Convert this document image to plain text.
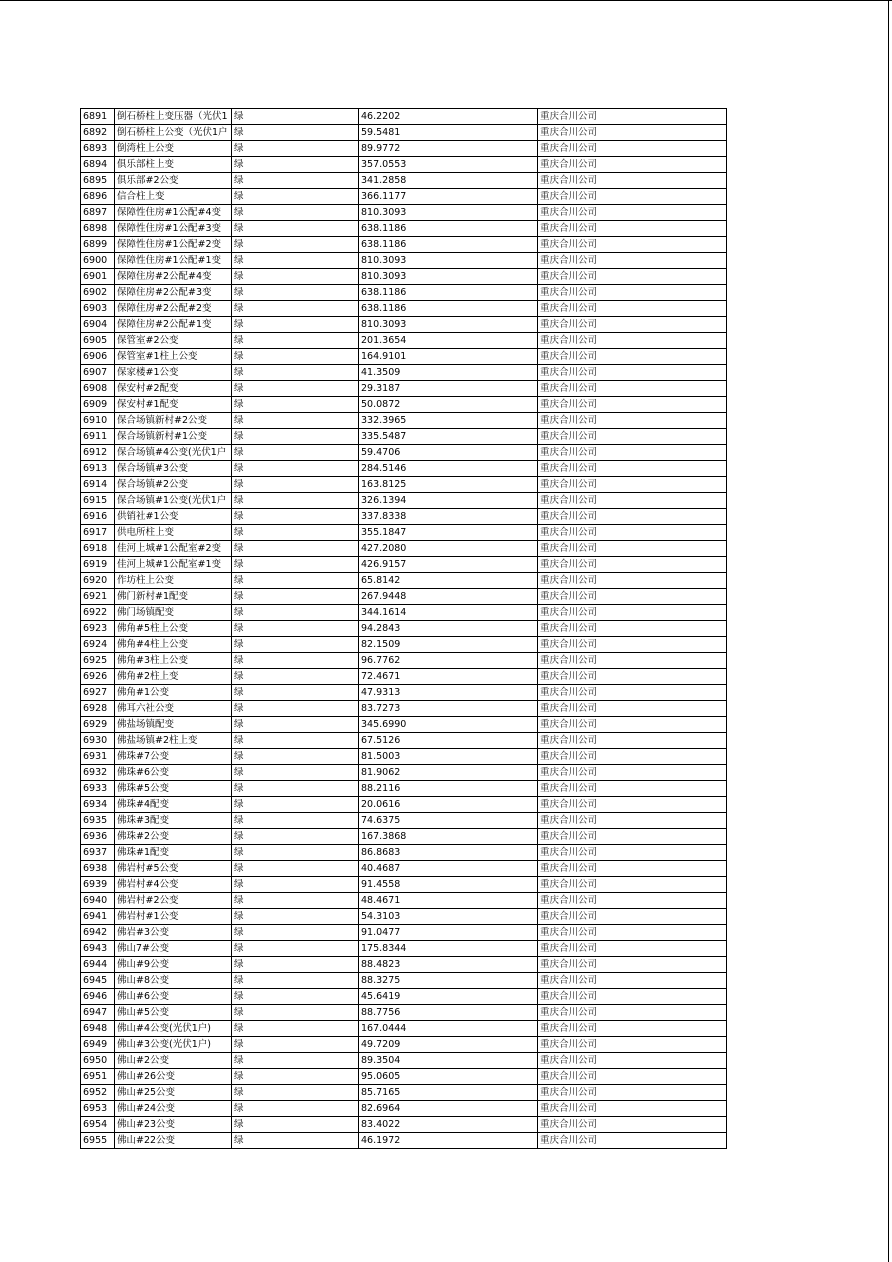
6891	倒石桥柱上变压器（光伏1	绿	46.2202	重庆合川公司
6892	倒石桥柱上公变（光伏1户	绿	59.5481	重庆合川公司
6893	倒湾柱上公变	绿	89.9772	重庆合川公司
6894	俱乐部柱上变	绿	357.0553	重庆合川公司
6895	俱乐部#2公变	绿	341.2858	重庆合川公司
6896	信合柱上变	绿	366.1177	重庆合川公司
6897	保障性住房#1公配#4变	绿	810.3093	重庆合川公司
6898	保障性住房#1公配#3变	绿	638.1186	重庆合川公司
6899	保障性住房#1公配#2变	绿	638.1186	重庆合川公司
6900	保障性住房#1公配#1变	绿	810.3093	重庆合川公司
6901	保障住房#2公配#4变	绿	810.3093	重庆合川公司
6902	保障住房#2公配#3变	绿	638.1186	重庆合川公司
6903	保障住房#2公配#2变	绿	638.1186	重庆合川公司
6904	保障住房#2公配#1变	绿	810.3093	重庆合川公司
6905	保管室#2公变	绿	201.3654	重庆合川公司
6906	保管室#1柱上公变	绿	164.9101	重庆合川公司
6907	保家楼#1公变	绿	41.3509	重庆合川公司
6908	保安村#2配变	绿	29.3187	重庆合川公司
6909	保安村#1配变	绿	50.0872	重庆合川公司
6910	保合场镇新村#2公变	绿	332.3965	重庆合川公司
6911	保合场镇新村#1公变	绿	335.5487	重庆合川公司
6912	保合场镇#4公变(光伏1户	绿	59.4706	重庆合川公司
6913	保合场镇#3公变	绿	284.5146	重庆合川公司
6914	保合场镇#2公变	绿	163.8125	重庆合川公司
6915	保合场镇#1公变(光伏1户	绿	326.1394	重庆合川公司
6916	供销社#1公变	绿	337.8338	重庆合川公司
6917	供电所柱上变	绿	355.1847	重庆合川公司
6918	佳河上城#1公配室#2变	绿	427.2080	重庆合川公司
6919	佳河上城#1公配室#1变	绿	426.9157	重庆合川公司
6920	作坊柱上公变	绿	65.8142	重庆合川公司
6921	佛门新村#1配变	绿	267.9448	重庆合川公司
6922	佛门场镇配变	绿	344.1614	重庆合川公司
6923	佛角#5柱上公变	绿	94.2843	重庆合川公司
6924	佛角#4柱上公变	绿	82.1509	重庆合川公司
6925	佛角#3柱上公变	绿	96.7762	重庆合川公司
6926	佛角#2柱上变	绿	72.4671	重庆合川公司
6927	佛角#1公变	绿	47.9313	重庆合川公司
6928	佛耳六社公变	绿	83.7273	重庆合川公司
6929	佛盐场镇配变	绿	345.6990	重庆合川公司
6930	佛盐场镇#2柱上变	绿	67.5126	重庆合川公司
6931	佛珠#7公变	绿	81.5003	重庆合川公司
6932	佛珠#6公变	绿	81.9062	重庆合川公司
6933	佛珠#5公变	绿	88.2116	重庆合川公司
6934	佛珠#4配变	绿	20.0616	重庆合川公司
6935	佛珠#3配变	绿	74.6375	重庆合川公司
6936	佛珠#2公变	绿	167.3868	重庆合川公司
6937	佛珠#1配变	绿	86.8683	重庆合川公司
6938	佛岩村#5公变	绿	40.4687	重庆合川公司
6939	佛岩村#4公变	绿	91.4558	重庆合川公司
6940	佛岩村#2公变	绿	48.4671	重庆合川公司
6941	佛岩村#1公变	绿	54.3103	重庆合川公司
6942	佛岩#3公变	绿	91.0477	重庆合川公司
6943	佛山7#公变	绿	175.8344	重庆合川公司
6944	佛山#9公变	绿	88.4823	重庆合川公司
6945	佛山#8公变	绿	88.3275	重庆合川公司
6946	佛山#6公变	绿	45.6419	重庆合川公司
6947	佛山#5公变	绿	88.7756	重庆合川公司
6948	佛山#4公变(光伏1户)	绿	167.0444	重庆合川公司
6949	佛山#3公变(光伏1户)	绿	49.7209	重庆合川公司
6950	佛山#2公变	绿	89.3504	重庆合川公司
6951	佛山#26公变	绿	95.0605	重庆合川公司
6952	佛山#25公变	绿	85.7165	重庆合川公司
6953	佛山#24公变	绿	82.6964	重庆合川公司
6954	佛山#23公变	绿	83.4022	重庆合川公司
6955	佛山#22公变	绿	46.1972	重庆合川公司
